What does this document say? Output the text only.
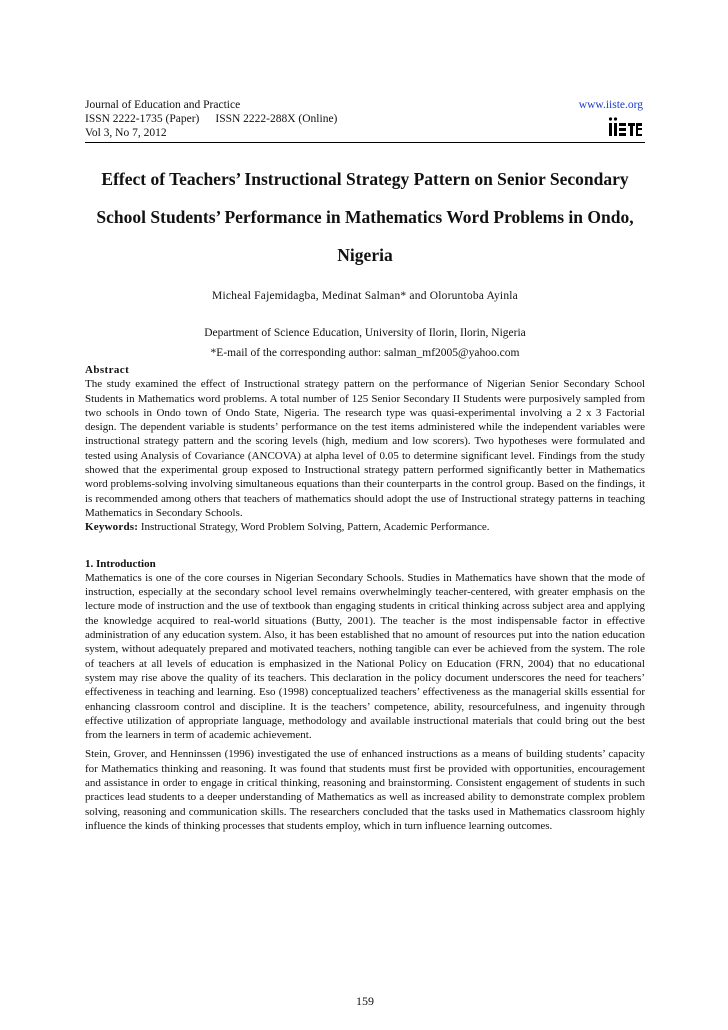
Journal of Education and Practice
ISSN 2222-1735 (Paper) ISSN 2222-288X (Online)
Vol 3, No 7, 2012
www.iiste.org
Effect of Teachers’ Instructional Strategy Pattern on Senior Secondary School Students’ Performance in Mathematics Word Problems in Ondo, Nigeria
Micheal Fajemidagba, Medinat Salman* and Oloruntoba Ayinla
Department of Science Education, University of Ilorin, Ilorin, Nigeria
*E-mail of the corresponding author: salman_mf2005@yahoo.com
Abstract

The study examined the effect of Instructional strategy pattern on the performance of Nigerian Senior Secondary School Students in Mathematics word problems. A total number of 125 Senior Secondary II Students were purposively sampled from two schools in Ondo town of Ondo State, Nigeria. The research type was quasi-experimental involving a 2 x 3 Factorial design. The dependent variable is students’ performance on the test items administered while the independent variables were instructional strategy pattern and the scoring levels (high, medium and low scorers). Two hypotheses were formulated and tested using Analysis of Covariance (ANCOVA) at alpha level of 0.05 to determine significant level. Findings from the study showed that the experimental group exposed to Instructional strategy pattern performed significantly better in Mathematics word problems-solving involving simultaneous equations than their counterparts in the control group. Based on the findings, it is recommended among others that teachers of mathematics should adopt the use of Instructional strategy patterns in teaching Mathematics in Secondary Schools.

Keywords: Instructional Strategy, Word Problem Solving, Pattern, Academic Performance.

1. Introduction

Mathematics is one of the core courses in Nigerian Secondary Schools. Studies in Mathematics have shown that the mode of instruction, especially at the secondary school level remains overwhelmingly teacher-centered, with greater emphasis on the lecture mode of instruction and the use of textbook than engaging students in critical thinking across subject area and applying the knowledge acquired to real-world situations (Butty, 2001). The teacher is the most indispensable factor in effective administration of any education system. Also, it has been established that no amount of resources put into the nation education system, without adequately prepared and motivated teachers, nothing tangible can ever be achieved from the system. The role of teachers at all levels of education is emphasized in the National Policy on Education (FRN, 2004) that no educational system may rise above the quality of its teachers. This declaration in the policy document underscores the need for teachers’ effectiveness in teaching and learning. Eso (1998) conceptualized teachers’ effectiveness as the managerial skills essential for enhancing classroom control and discipline. It is the teachers’ competence, ability, resourcefulness, and ingenuity through effective utilization of appropriate language, methodology and available instructional materials that could bring out the best from the learners in term of academic achievement.

Stein, Grover, and Henninssen (1996) investigated the use of enhanced instructions as a means of building students’ capacity for Mathematics thinking and reasoning. It was found that students must first be provided with opportunities, encouragement and assistance in order to engage in critical thinking, reasoning and brainstorming. Consistent engagement of students in such practices lead students to a deeper understanding of Mathematics as well as increased ability to demonstrate complex problem solving, reasoning and communication skills. The researchers concluded that the tasks used in Mathematics classroom highly influence the kinds of thinking processes that students employ, which in turn influence learning outcomes.

159
